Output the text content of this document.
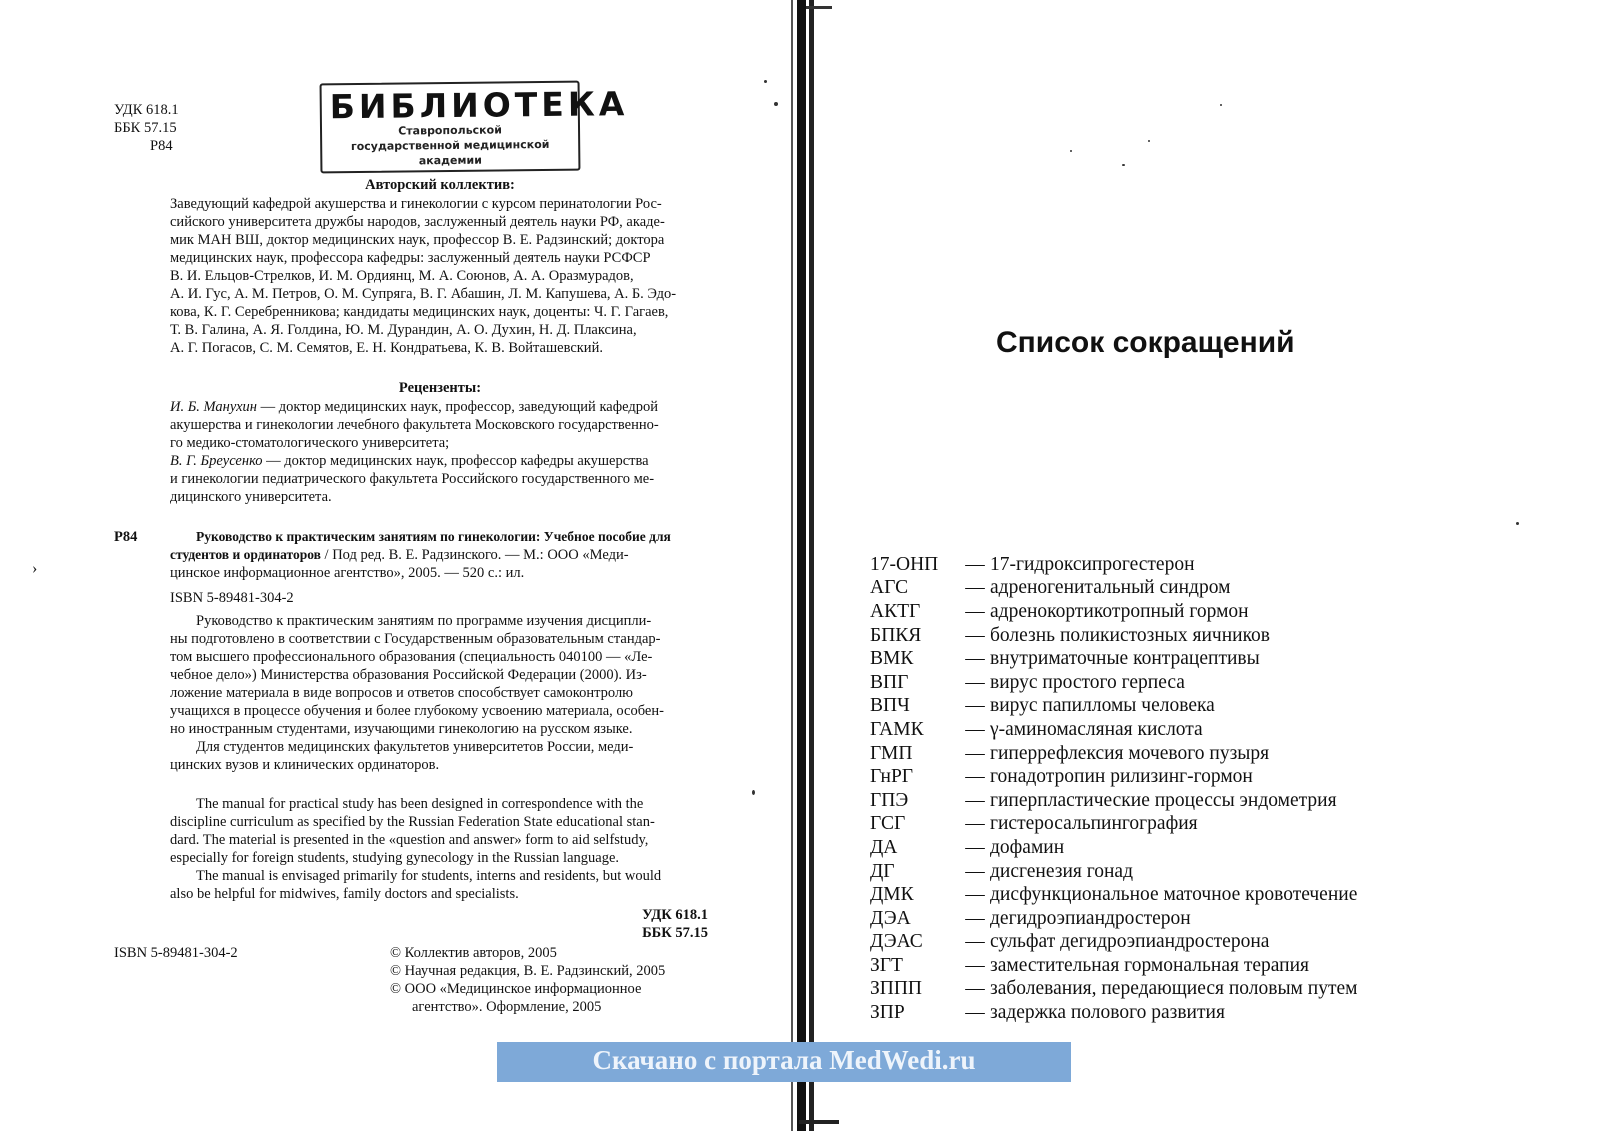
УДК 618.1
ББК 57.15
Р84
БИБЛИОТЕКА
Ставропольской
государственной медицинской
академии
Авторский коллектив:
Заведующий кафедрой акушерства и гинекологии с курсом перинатологии Рос-
сийского университета дружбы народов, заслуженный деятель науки РФ, акаде-
мик МАН ВШ, доктор медицинских наук, профессор В. Е. Радзинский; доктора
медицинских наук, профессора кафедры: заслуженный деятель науки РСФСР
В. И. Ельцов-Стрелков, И. М. Ордиянц, М. А. Союнов, А. А. Оразмурадов,
А. И. Гус, А. М. Петров, О. М. Супряга, В. Г. Абашин, Л. М. Капушева, А. Б. Эдо-
кова, К. Г. Серебренникова; кандидаты медицинских наук, доценты: Ч. Г. Гагаев,
Т. В. Галина, А. Я. Голдина, Ю. М. Дурандин, А. О. Духин, Н. Д. Плаксина,
А. Г. Погасов, С. М. Семятов, Е. Н. Кондратьева, К. В. Войташевский.
Рецензенты:
И. Б. Манухин — доктор медицинских наук, профессор, заведующий кафедрой
акушерства и гинекологии лечебного факультета Московского государственно-
го медико-стоматологического университета;
В. Г. Бреусенко — доктор медицинских наук, профессор кафедры акушерства
и гинекологии педиатрического факультета Российского государственного ме-
дицинского университета.
Р84	Руководство к практическим занятиям по гинекологии: Учебное пособие для
студентов и ординаторов / Под ред. В. Е. Радзинского. — М.: ООО «Меди-
цинское информационное агентство», 2005. — 520 с.: ил.
ISBN 5-89481-304-2
Руководство к практическим занятиям по программе изучения дисципли-
ны подготовлено в соответствии с Государственным образовательным стандар-
том высшего профессионального образования (специальность 040100 — «Ле-
чебное дело») Министерства образования Российской Федерации (2000). Из-
ложение материала в виде вопросов и ответов способствует самоконтролю
учащихся в процессе обучения и более глубокому усвоению материала, особен-
но иностранным студентами, изучающими гинекологию на русском языке.
Для студентов медицинских факультетов университетов России, меди-
цинских вузов и клинических ординаторов.
The manual for practical study has been designed in correspondence with the
discipline curriculum as specified by the Russian Federation State educational stan-
dard. The material is presented in the «question and answer» form to aid selfstudy,
especially for foreign students, studying gynecology in the Russian language.
The manual is envisaged primarily for students, interns and residents, but would
also be helpful for midwives, family doctors and specialists.
УДК 618.1
ББК 57.15
ISBN 5-89481-304-2	© Коллектив авторов, 2005
© Научная редакция, В. Е. Радзинский, 2005
© ООО «Медицинское информационное
агентство». Оформление, 2005
›
Список сокращений
17-ОНП	— 17-гидроксипрогестерон
АГС	— адреногенитальный синдром
АКТГ	— адренокортикотропный гормон
БПКЯ	— болезнь поликистозных яичников
ВМК	— внутриматочные контрацептивы
ВПГ	— вирус простого герпеса
ВПЧ	— вирус папилломы человека
ГАМК	— γ-аминомасляная кислота
ГМП	— гиперрефлексия мочевого пузыря
ГнРГ	— гонадотропин рилизинг-гормон
ГПЭ	— гиперпластические процессы эндометрия
ГСГ	— гистеросальпингография
ДА	— дофамин
ДГ	— дисгенезия гонад
ДМК	— дисфункциональное маточное кровотечение
ДЭА	— дегидроэпиандростерон
ДЭАС	— сульфат дегидроэпиандростерона
ЗГТ	— заместительная гормональная терапия
ЗППП	— заболевания, передающиеся половым путем
ЗПР	— задержка полового развития
Скачано с портала MedWedi.ru
